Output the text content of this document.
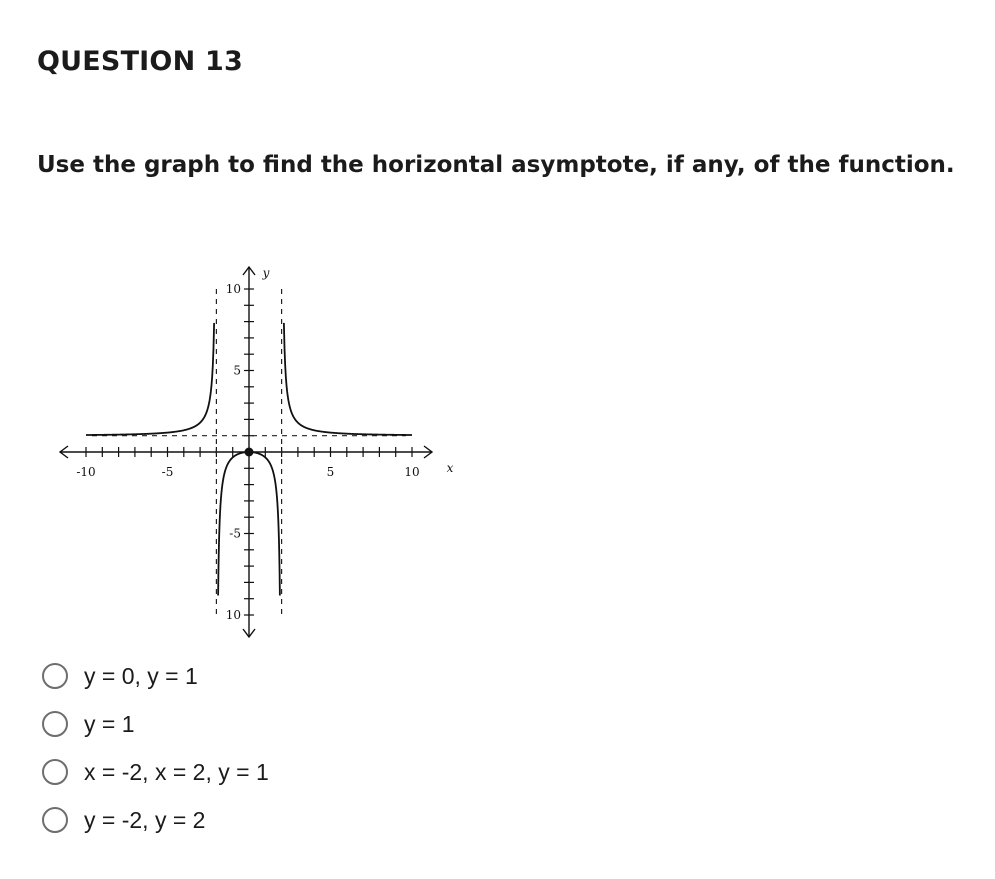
QUESTION 13

Use the graph to find the horizontal asymptote, if any, of the function.

x
y
-10	-5	5	10
10
5
-5
10
y = 0, y = 1
y = 1
x = -2, x = 2, y = 1
y = -2, y = 2
